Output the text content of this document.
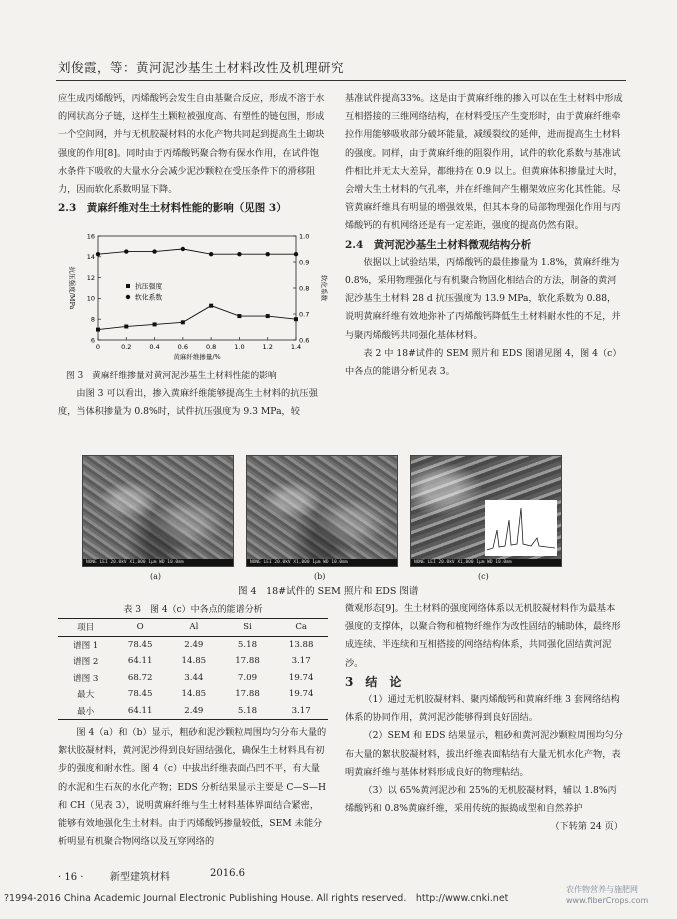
刘俊霞，等：黄河泥沙基生土材料改性及机理研究

应生成丙烯酸钙，丙烯酸钙会发生自由基聚合反应，形成不溶于水的网状高分子链，这样生土颗粒被强度高、有塑性的链包围，形成一个空间网，并与无机胶凝材料的水化产物共同起到提高生土砌块强度的作用[8]。同时由于丙烯酸钙聚合物有保水作用，在试件饱水条件下吸收的大量水分会减少泥沙颗粒在受压条件下的滑移阻力，因而软化系数明显下降。

2.3　黄麻纤维对生土材料性能的影响（见图 3）

0	0.2	0.4	0.6	0.8	1.0	1.2	1.4
6
8
10
12
14
16
0.6
0.7
0.8
0.9
1.0
黄麻纤维掺量/%
抗压强度/MPa	软化系数
抗压强度
软化系数
图 3　黄麻纤维掺量对黄河泥沙基生土材料性能的影响

由图 3 可以看出，掺入黄麻纤维能够提高生土材料的抗压强度，当体积掺量为 0.8%时，试件抗压强度为 9.3 MPa，较

基准试件提高33%。这是由于黄麻纤维的掺入可以在生土材料中形成互相搭接的三维网络结构，在材料受压产生变形时，由于黄麻纤维牵拉作用能够吸收部分破坏能量，减缓裂纹的延伸，进而提高生土材料的强度。同样，由于黄麻纤维的阻裂作用，试件的软化系数与基准试件相比并无太大差异，都维持在 0.9 以上。但黄麻体积掺量过大时，会增大生土材料的气孔率，并在纤维间产生棚架效应劣化其性能。尽管黄麻纤维具有明显的增强效果，但其本身的局部物理强化作用与丙烯酸钙的有机网络还是有一定差距，强度的提高仍然有限。

2.4　黄河泥沙基生土材料微观结构分析

依据以上试验结果，丙烯酸钙的最佳掺量为 1.8%，黄麻纤维为 0.8%，采用物理强化与有机聚合物固化相结合的方法，制备的黄河泥沙基生土材料 28 d 抗压强度为 13.9 MPa，软化系数为 0.88，说明黄麻纤维有效地弥补了丙烯酸钙降低生土材料耐水性的不足，并与聚丙烯酸钙共同强化基体材料。

表 2 中 18#试件的 SEM 照片和 EDS 图谱见图 4，图 4（c）中各点的能谱分析见表 3。

NONE LEI 20.0kV X1,000 1μm WD 10.0mm	NONE LEI 20.0kV X1,000 1μm WD 10.0mm	NONE LEI 20.0kV X1,000 1μm WD 10.0mm
(a)	(b)	(c)
图 4　18#试件的 SEM 照片和 EDS 图谱
表 3　图 4（c）中各点的能谱分析
项目	O	Al	Si	Ca
谱图 1	78.45	2.49	5.18	13.88
谱图 2	64.11	14.85	17.88	3.17
谱图 3	68.72	3.44	7.09	19.74
最大	78.45	14.85	17.88	19.74
最小	64.11	2.49	5.18	3.17

图 4（a）和（b）显示，粗砂和泥沙颗粒周围均匀分布大量的絮状胶凝材料，黄河泥沙得到良好固结强化，确保生土材料具有初步的强度和耐水性。图 4（c）中拔出纤维表面凸凹不平，有大量的水泥和生石灰的水化产物；EDS 分析结果显示主要是 C—S—H 和 CH（见表 3），说明黄麻纤维与生土材料基体界面结合紧密，能够有效地强化生土材料。由于丙烯酸钙掺量较低，SEM 未能分析明显有机聚合物网络以及互穿网络的

微观形态[9]。生土材料的强度网络体系以无机胶凝材料作为最基本强度的支撑体，以聚合物和植物纤维作为改性固结的辅助体，最终形成连续、半连续和互相搭接的网络结构体系，共同强化固结黄河泥沙。

3　结　论

（1）通过无机胶凝材料、聚丙烯酸钙和黄麻纤维 3 套网络结构体系的协同作用，黄河泥沙能够得到良好固结。

（2）SEM 和 EDS 结果显示，粗砂和黄河泥沙颗粒周围均匀分布大量的絮状胶凝材料，拔出纤维表面粘结有大量无机水化产物，表明黄麻纤维与基体材料形成良好的物理粘结。

（3）以 65%黄河泥沙和 25%的无机胶凝材料，辅以 1.8%丙烯酸钙和 0.8%黄麻纤维，采用传统的振捣成型和自然养护

（下转第 24 页）

· 16 ·	新型建筑材料	2016.6
?1994-2016 China Academic Journal Electronic Publishing House. All rights reserved.　http://www.cnki.net
农作物营养与施肥网 www.fiberCrops.com
